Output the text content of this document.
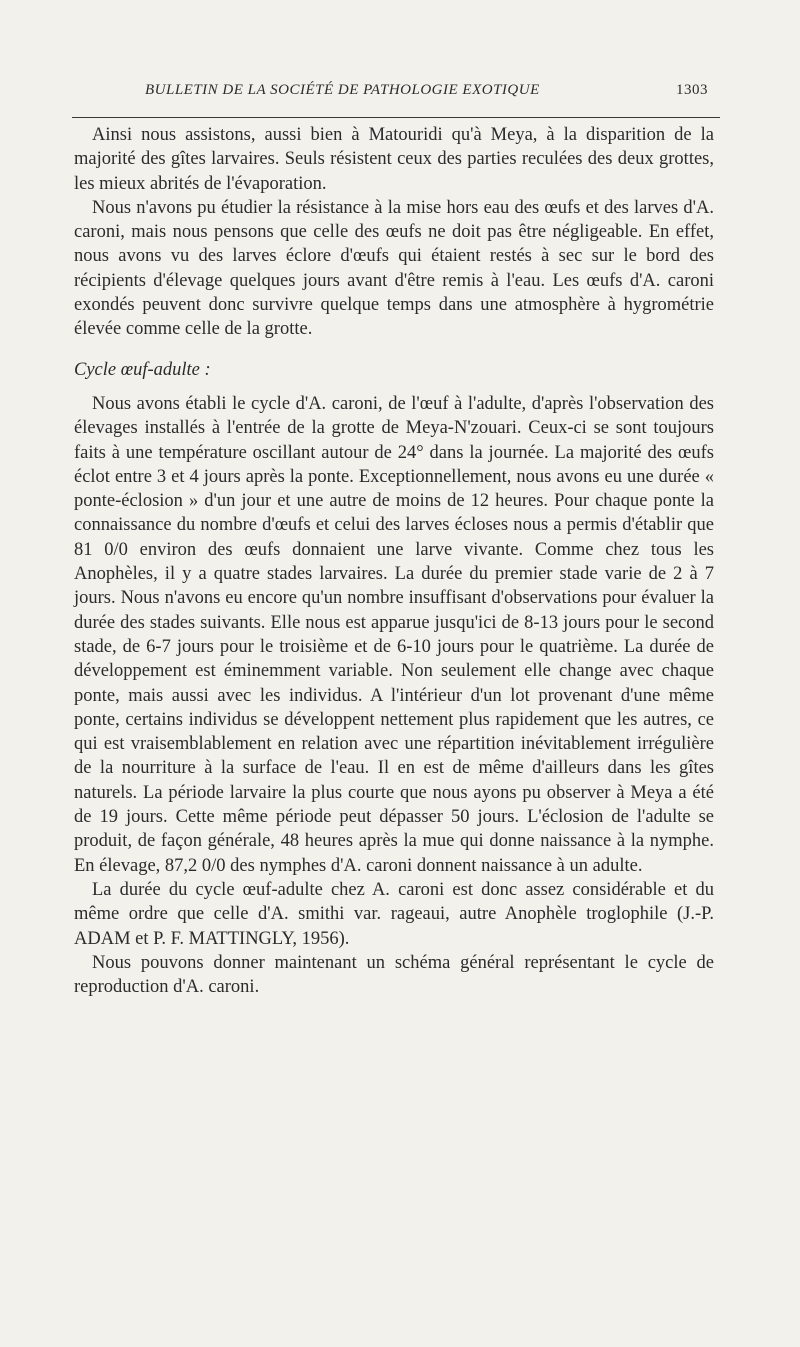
BULLETIN DE LA SOCIÉTÉ DE PATHOLOGIE EXOTIQUE	1303

Ainsi nous assistons, aussi bien à Matouridi qu'à Meya, à la disparition de la majorité des gîtes larvaires. Seuls résistent ceux des parties reculées des deux grottes, les mieux abrités de l'évaporation.

Nous n'avons pu étudier la résistance à la mise hors eau des œufs et des larves d'A. caroni, mais nous pensons que celle des œufs ne doit pas être négligeable. En effet, nous avons vu des larves éclore d'œufs qui étaient restés à sec sur le bord des récipients d'élevage quelques jours avant d'être remis à l'eau. Les œufs d'A. caroni exondés peuvent donc survivre quelque temps dans une atmosphère à hygrométrie élevée comme celle de la grotte.

Cycle œuf-adulte :

Nous avons établi le cycle d'A. caroni, de l'œuf à l'adulte, d'après l'observation des élevages installés à l'entrée de la grotte de Meya-N'zouari. Ceux-ci se sont toujours faits à une température oscillant autour de 24° dans la journée. La majorité des œufs éclot entre 3 et 4 jours après la ponte. Exceptionnellement, nous avons eu une durée « ponte-éclosion » d'un jour et une autre de moins de 12 heures. Pour chaque ponte la connaissance du nombre d'œufs et celui des larves écloses nous a permis d'établir que 81 0/0 environ des œufs donnaient une larve vivante. Comme chez tous les Anophèles, il y a quatre stades larvaires. La durée du premier stade varie de 2 à 7 jours. Nous n'avons eu encore qu'un nombre insuffisant d'observations pour évaluer la durée des stades suivants. Elle nous est apparue jusqu'ici de 8-13 jours pour le second stade, de 6-7 jours pour le troisième et de 6-10 jours pour le quatrième. La durée de développement est éminemment variable. Non seulement elle change avec chaque ponte, mais aussi avec les individus. A l'intérieur d'un lot provenant d'une même ponte, certains individus se développent nettement plus rapidement que les autres, ce qui est vraisemblablement en relation avec une répartition inévitablement irrégulière de la nourriture à la surface de l'eau. Il en est de même d'ailleurs dans les gîtes naturels. La période larvaire la plus courte que nous ayons pu observer à Meya a été de 19 jours. Cette même période peut dépasser 50 jours. L'éclosion de l'adulte se produit, de façon générale, 48 heures après la mue qui donne naissance à la nymphe. En élevage, 87,2 0/0 des nymphes d'A. caroni donnent naissance à un adulte.

La durée du cycle œuf-adulte chez A. caroni est donc assez considérable et du même ordre que celle d'A. smithi var. rageaui, autre Anophèle troglophile (J.-P. ADAM et P. F. MATTINGLY, 1956).

Nous pouvons donner maintenant un schéma général représentant le cycle de reproduction d'A. caroni.
